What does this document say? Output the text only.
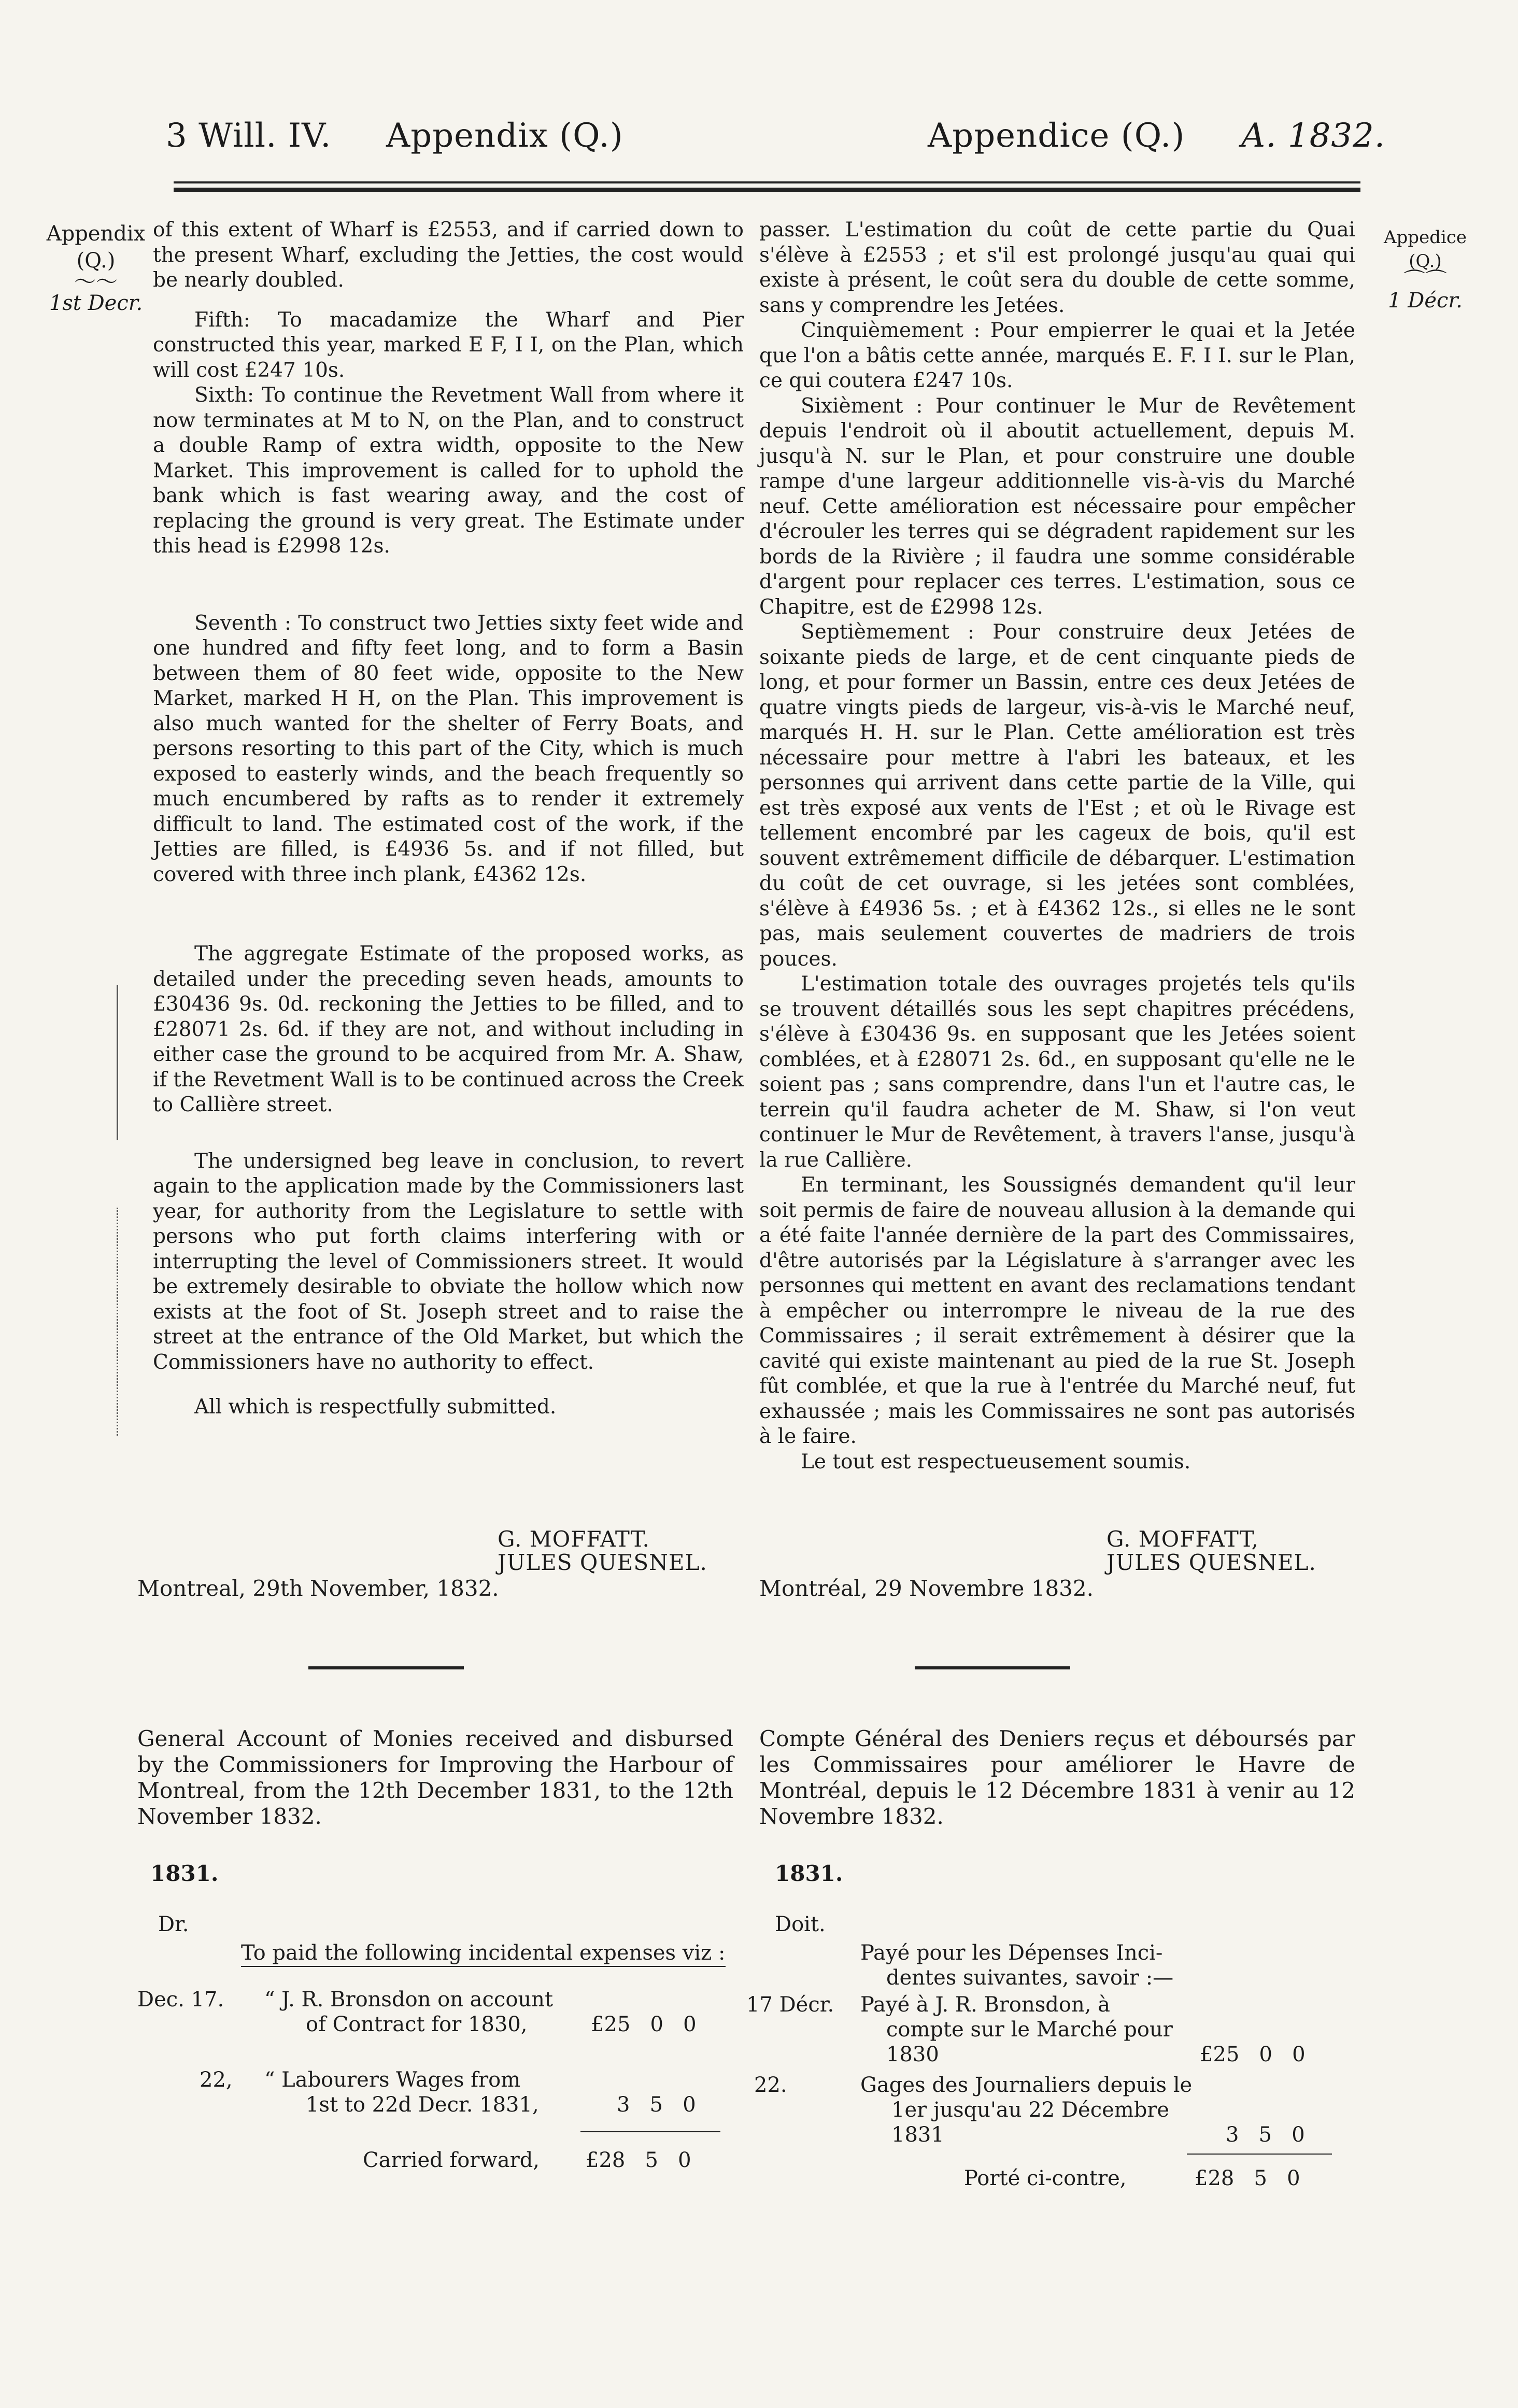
3 Will. IV. Appendix (Q.)	Appendice (Q.) A. 1832.
Appendix
(Q.)
〜〜
1st Decr.
Appedice
(Q.)
⌒⌒
1 Décr.

of this extent of Wharf is £2553, and if carried down to the present Wharf, excluding the Jetties, the cost would be nearly doubled.

Fifth: To macadamize the Wharf and Pier constructed this year, marked E F, I I, on the Plan, which will cost £247 10s.

Sixth: To continue the Revetment Wall from where it now terminates at M to N, on the Plan, and to construct a double Ramp of extra width, opposite to the New Market. This improvement is called for to uphold the bank which is fast wearing away, and the cost of replacing the ground is very great. The Estimate under this head is £2998 12s.

Seventh : To construct two Jetties sixty feet wide and one hundred and fifty feet long, and to form a Basin between them of 80 feet wide, opposite to the New Market, marked H H, on the Plan. This improvement is also much wanted for the shelter of Ferry Boats, and persons resorting to this part of the City, which is much exposed to easterly winds, and the beach frequently so much encumbered by rafts as to render it extremely difficult to land. The estimated cost of the work, if the Jetties are filled, is £4936 5s. and if not filled, but covered with three inch plank, £4362 12s.

The aggregate Estimate of the proposed works, as detailed under the preceding seven heads, amounts to £30436 9s. 0d. reckoning the Jetties to be filled, and to £28071 2s. 6d. if they are not, and without including in either case the ground to be acquired from Mr. A. Shaw, if the Revetment Wall is to be continued across the Creek to Callière street.

The undersigned beg leave in conclusion, to revert again to the application made by the Commissioners last year, for authority from the Legislature to settle with persons who put forth claims interfering with or interrupting the level of Commissioners street. It would be extremely desirable to obviate the hollow which now exists at the foot of St. Joseph street and to raise the street at the entrance of the Old Market, but which the Commissioners have no authority to effect.

All which is respectfully submitted.

passer. L'estimation du coût de cette partie du Quai s'élève à £2553 ; et s'il est prolongé jusqu'au quai qui existe à présent, le coût sera du double de cette somme, sans y comprendre les Jetées.

Cinquièmement : Pour empierrer le quai et la Jetée que l'on a bâtis cette année, marqués E. F. I I. sur le Plan, ce qui coutera £247 10s.

Sixièment : Pour continuer le Mur de Revêtement depuis l'endroit où il aboutit actuellement, depuis M. jusqu'à N. sur le Plan, et pour construire une double rampe d'une largeur additionnelle vis-à-vis du Marché neuf. Cette amélioration est nécessaire pour empêcher d'écrouler les terres qui se dégradent rapidement sur les bords de la Rivière ; il faudra une somme considérable d'argent pour replacer ces terres. L'estimation, sous ce Chapitre, est de £2998 12s.

Septièmement : Pour construire deux Jetées de soixante pieds de large, et de cent cinquante pieds de long, et pour former un Bassin, entre ces deux Jetées de quatre vingts pieds de largeur, vis-à-vis le Marché neuf, marqués H. H. sur le Plan. Cette amélioration est très nécessaire pour mettre à l'abri les bateaux, et les personnes qui arrivent dans cette partie de la Ville, qui est très exposé aux vents de l'Est ; et où le Rivage est tellement encombré par les cageux de bois, qu'il est souvent extrêmement difficile de débarquer. L'estimation du coût de cet ouvrage, si les jetées sont comblées, s'élève à £4936 5s. ; et à £4362 12s., si elles ne le sont pas, mais seulement couvertes de madriers de trois pouces.

L'estimation totale des ouvrages projetés tels qu'ils se trouvent détaillés sous les sept chapitres précédens, s'élève à £30436 9s. en supposant que les Jetées soient comblées, et à £28071 2s. 6d., en supposant qu'elle ne le soient pas ; sans comprendre, dans l'un et l'autre cas, le terrein qu'il faudra acheter de M. Shaw, si l'on veut continuer le Mur de Revêtement, à travers l'anse, jusqu'à la rue Callière.

En terminant, les Soussignés demandent qu'il leur soit permis de faire de nouveau allusion à la demande qui a été faite l'année dernière de la part des Commissaires, d'être autorisés par la Législature à s'arranger avec les personnes qui mettent en avant des reclamations tendant à empêcher ou interrompre le niveau de la rue des Commissaires ; il serait extrêmement à désirer que la cavité qui existe maintenant au pied de la rue St. Joseph fût comblée, et que la rue à l'entrée du Marché neuf, fut exhaussée ; mais les Commissaires ne sont pas autorisés à le faire.

Le tout est respectueusement soumis.

G. MOFFATT.
JULES QUESNEL.
Montreal, 29th November, 1832.
G. MOFFATT,
JULES QUESNEL.
Montréal, 29 Novembre 1832.
General Account of Monies received and disbursed by the Commissioners for Improving the Harbour of Montreal, from the 12th December 1831, to the 12th November 1832.
Compte Général des Deniers reçus et déboursés par les Commissaires pour améliorer le Havre de Montréal, depuis le 12 Décembre 1831 à venir au 12 Novembre 1832.
1831.	1831.
Dr.
To paid the following incidental expenses viz :
Dec. 17. “ J. R. Bronsdon on account
of Contract for 1830,	£25   0   0
22, “ Labourers Wages from
1st to 22d Decr. 1831,	3   5   0
Carried forward, £28   5   0
Doit.
Payé pour les Dépenses Inci-
dentes suivantes, savoir :—
17 Décr. Payé à J. R. Bronsdon, à
compte sur le Marché pour
1830	£25   0   0
22.	Gages des Journaliers depuis le
1er jusqu'au 22 Décembre
1831	3   5   0
Porté ci-contre,	£28   5   0
